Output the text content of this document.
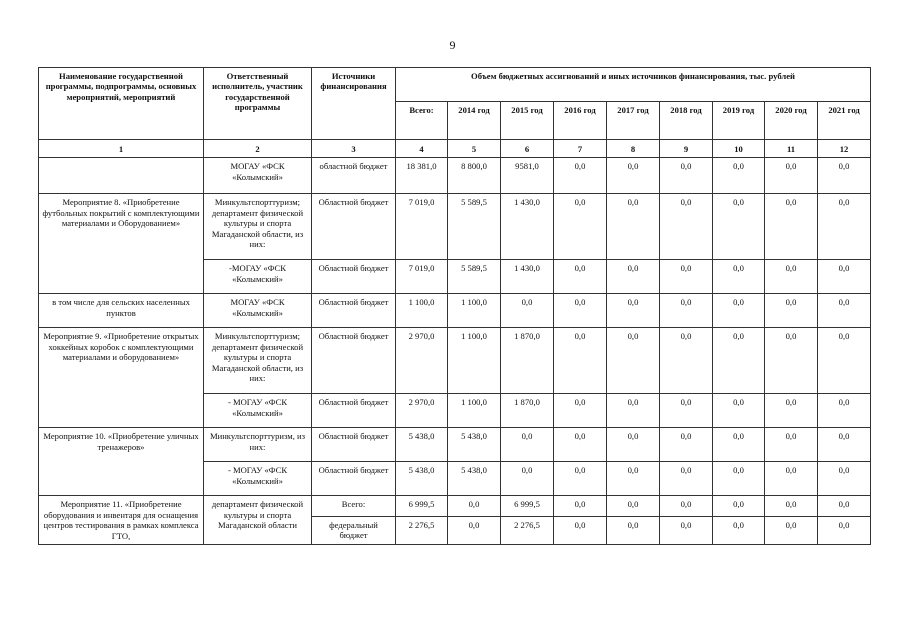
9
Наименование государственной программы, подпрограммы, основных мероприятий, мероприятий	Ответственный исполнитель, участник государственной программы	Источники финансирования	Объем бюджетных ассигнований и иных источников финансирования, тыс. рублей								
			Всего:	2014 год	2015 год	2016 год	2017 год	2018 год	2019 год	2020 год	2021 год
1	2	3	4	5	6	7	8	9	10	11	12
	МОГАУ «ФСК «Колымский»	областной бюджет	18 381,0	8 800,0	9581,0	0,0	0,0	0,0	0,0	0,0	0,0
Мероприятие 8. «Приобретение футбольных покрытий с комплектующими материалами и Оборудованием»	Минкультспорттуризм; департамент физической культуры и спорта Магаданской области, из них:	Областной бюджет	7 019,0	5 589,5	1 430,0	0,0	0,0	0,0	0,0	0,0	0,0
	-МОГАУ «ФСК «Колымский»	Областной бюджет	7 019,0	5 589,5	1 430,0	0,0	0,0	0,0	0,0	0,0	0,0
в том числе для сельских населенных пунктов	МОГАУ «ФСК «Колымский»	Областной бюджет	1 100,0	1 100,0	0,0	0,0	0,0	0,0	0,0	0,0	0,0
Мероприятие 9. «Приобретение открытых хоккейных коробок с комплектующими материалами и оборудованием»	Минкультспорттуризм; департамент физической культуры и спорта Магаданской области, из них:	Областной бюджет	2 970,0	1 100,0	1 870,0	0,0	0,0	0,0	0,0	0,0	0,0
	- МОГАУ «ФСК «Колымский»	Областной бюджет	2 970,0	1 100,0	1 870,0	0,0	0,0	0,0	0,0	0,0	0,0
Мероприятие 10. «Приобретение уличных тренажеров»	Минкультспорттуризм, из них:	Областной бюджет	5 438,0	5 438,0	0,0	0,0	0,0	0,0	0,0	0,0	0,0
	- МОГАУ «ФСК «Колымский»	Областной бюджет	5 438,0	5 438,0	0,0	0,0	0,0	0,0	0,0	0,0	0,0
Мероприятие 11. «Приобретение оборудования и инвентаря для оснащения центров тестирования в рамках комплекса ГТО,	департамент физической культуры и спорта Магаданской области	Всего:	6 999,5	0,0	6 999,5	0,0	0,0	0,0	0,0	0,0	0,0
		федеральный бюджет	2 276,5	0,0	2 276,5	0,0	0,0	0,0	0,0	0,0	0,0
